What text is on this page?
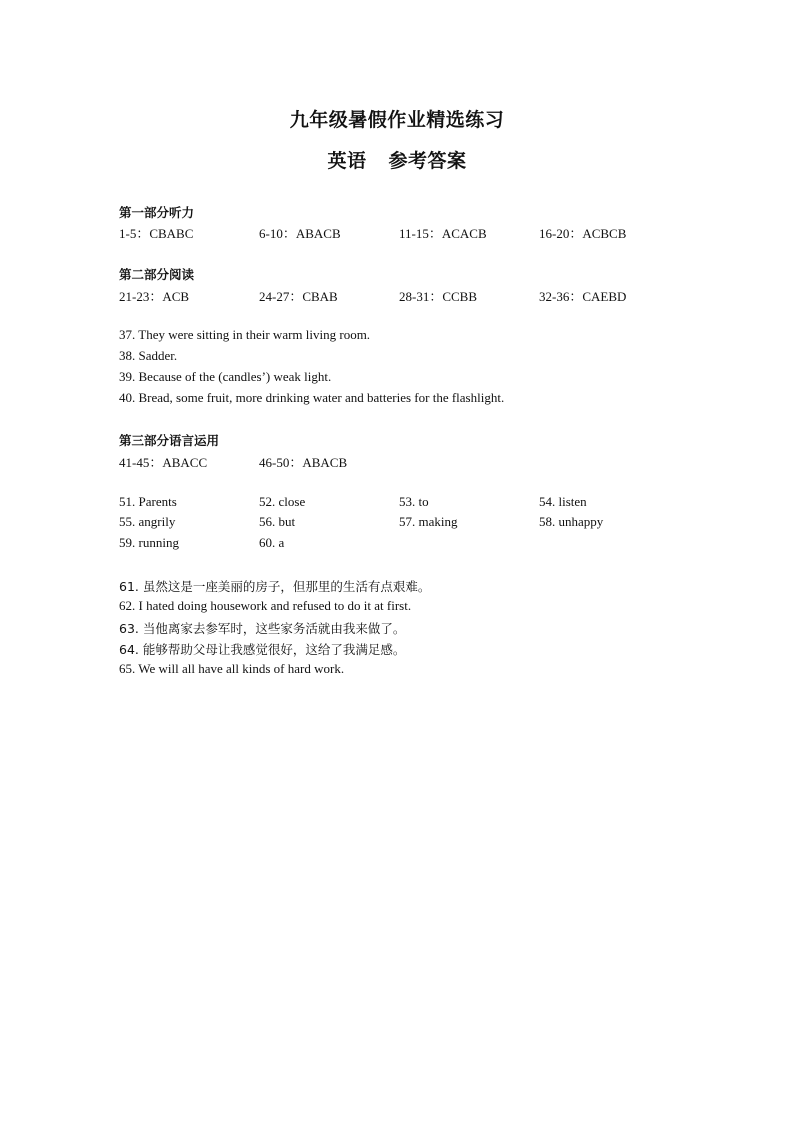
九年级暑假作业精选练习
英语 参考答案
第一部分听力
1-5：CBABC	6-10：ABACB	11-15：ACACB	16-20：ACBCB
第二部分阅读
21-23：ACB	24-27：CBAB	28-31：CCBB	32-36：CAEBD
37. They were sitting in their warm living room.
38. Sadder.
39. Because of the (candles’) weak light.
40. Bread, some fruit, more drinking water and batteries for the flashlight.
第三部分语言运用
41-45：ABACC	46-50：ABACB
51. Parents	52. close	53. to	54. listen
55. angrily	56. but	57. making	58. unhappy
59. running	60. a
61. 虽然这是一座美丽的房子，但那里的生活有点艰难。
62. I hated doing housework and refused to do it at first.
63. 当他离家去参军时，这些家务活就由我来做了。
64. 能够帮助父母让我感觉很好，这给了我满足感。
65. We will all have all kinds of hard work.
